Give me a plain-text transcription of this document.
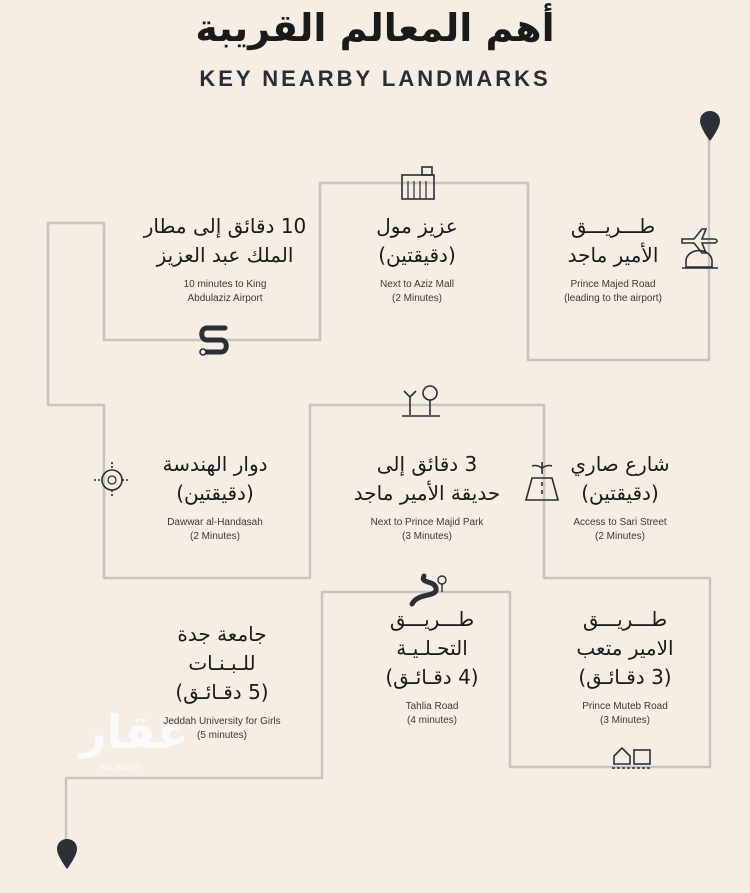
أهم المعالم القريبة
KEY NEARBY LANDMARKS
طـــريـــق
الأمير ماجد
Prince Majed Road
(leading to the airport)
عزيز مول
(دقيقتين)
Next to Aziz Mall
(2 Minutes)
10 دقائق إلى مطار
الملك عبد العزيز
10 minutes to King
Abdulaziz Airport
شارع صاري
(دقيقتين)
Access to Sari Street
(2 Minutes)
3 دقائق إلى
حديقة الأمير ماجد
Next to Prince Majid Park
(3 Minutes)
دوار الهندسة
(دقيقتين)
Dawwar al-Handasah
(2 Minutes)
طـــريـــق
الامير متعب
(3 دقـائـق)
Prince Muteb Road
(3 Minutes)
طـــريـــق
التحـلـيـة
(4 دقـائـق)
Tahlia Road
(4 minutes)
جامعة جدة
للـبـنـات
(5 دقـائـق)
Jeddah University for Girls
(5 minutes)
عقار
sa.aqar
